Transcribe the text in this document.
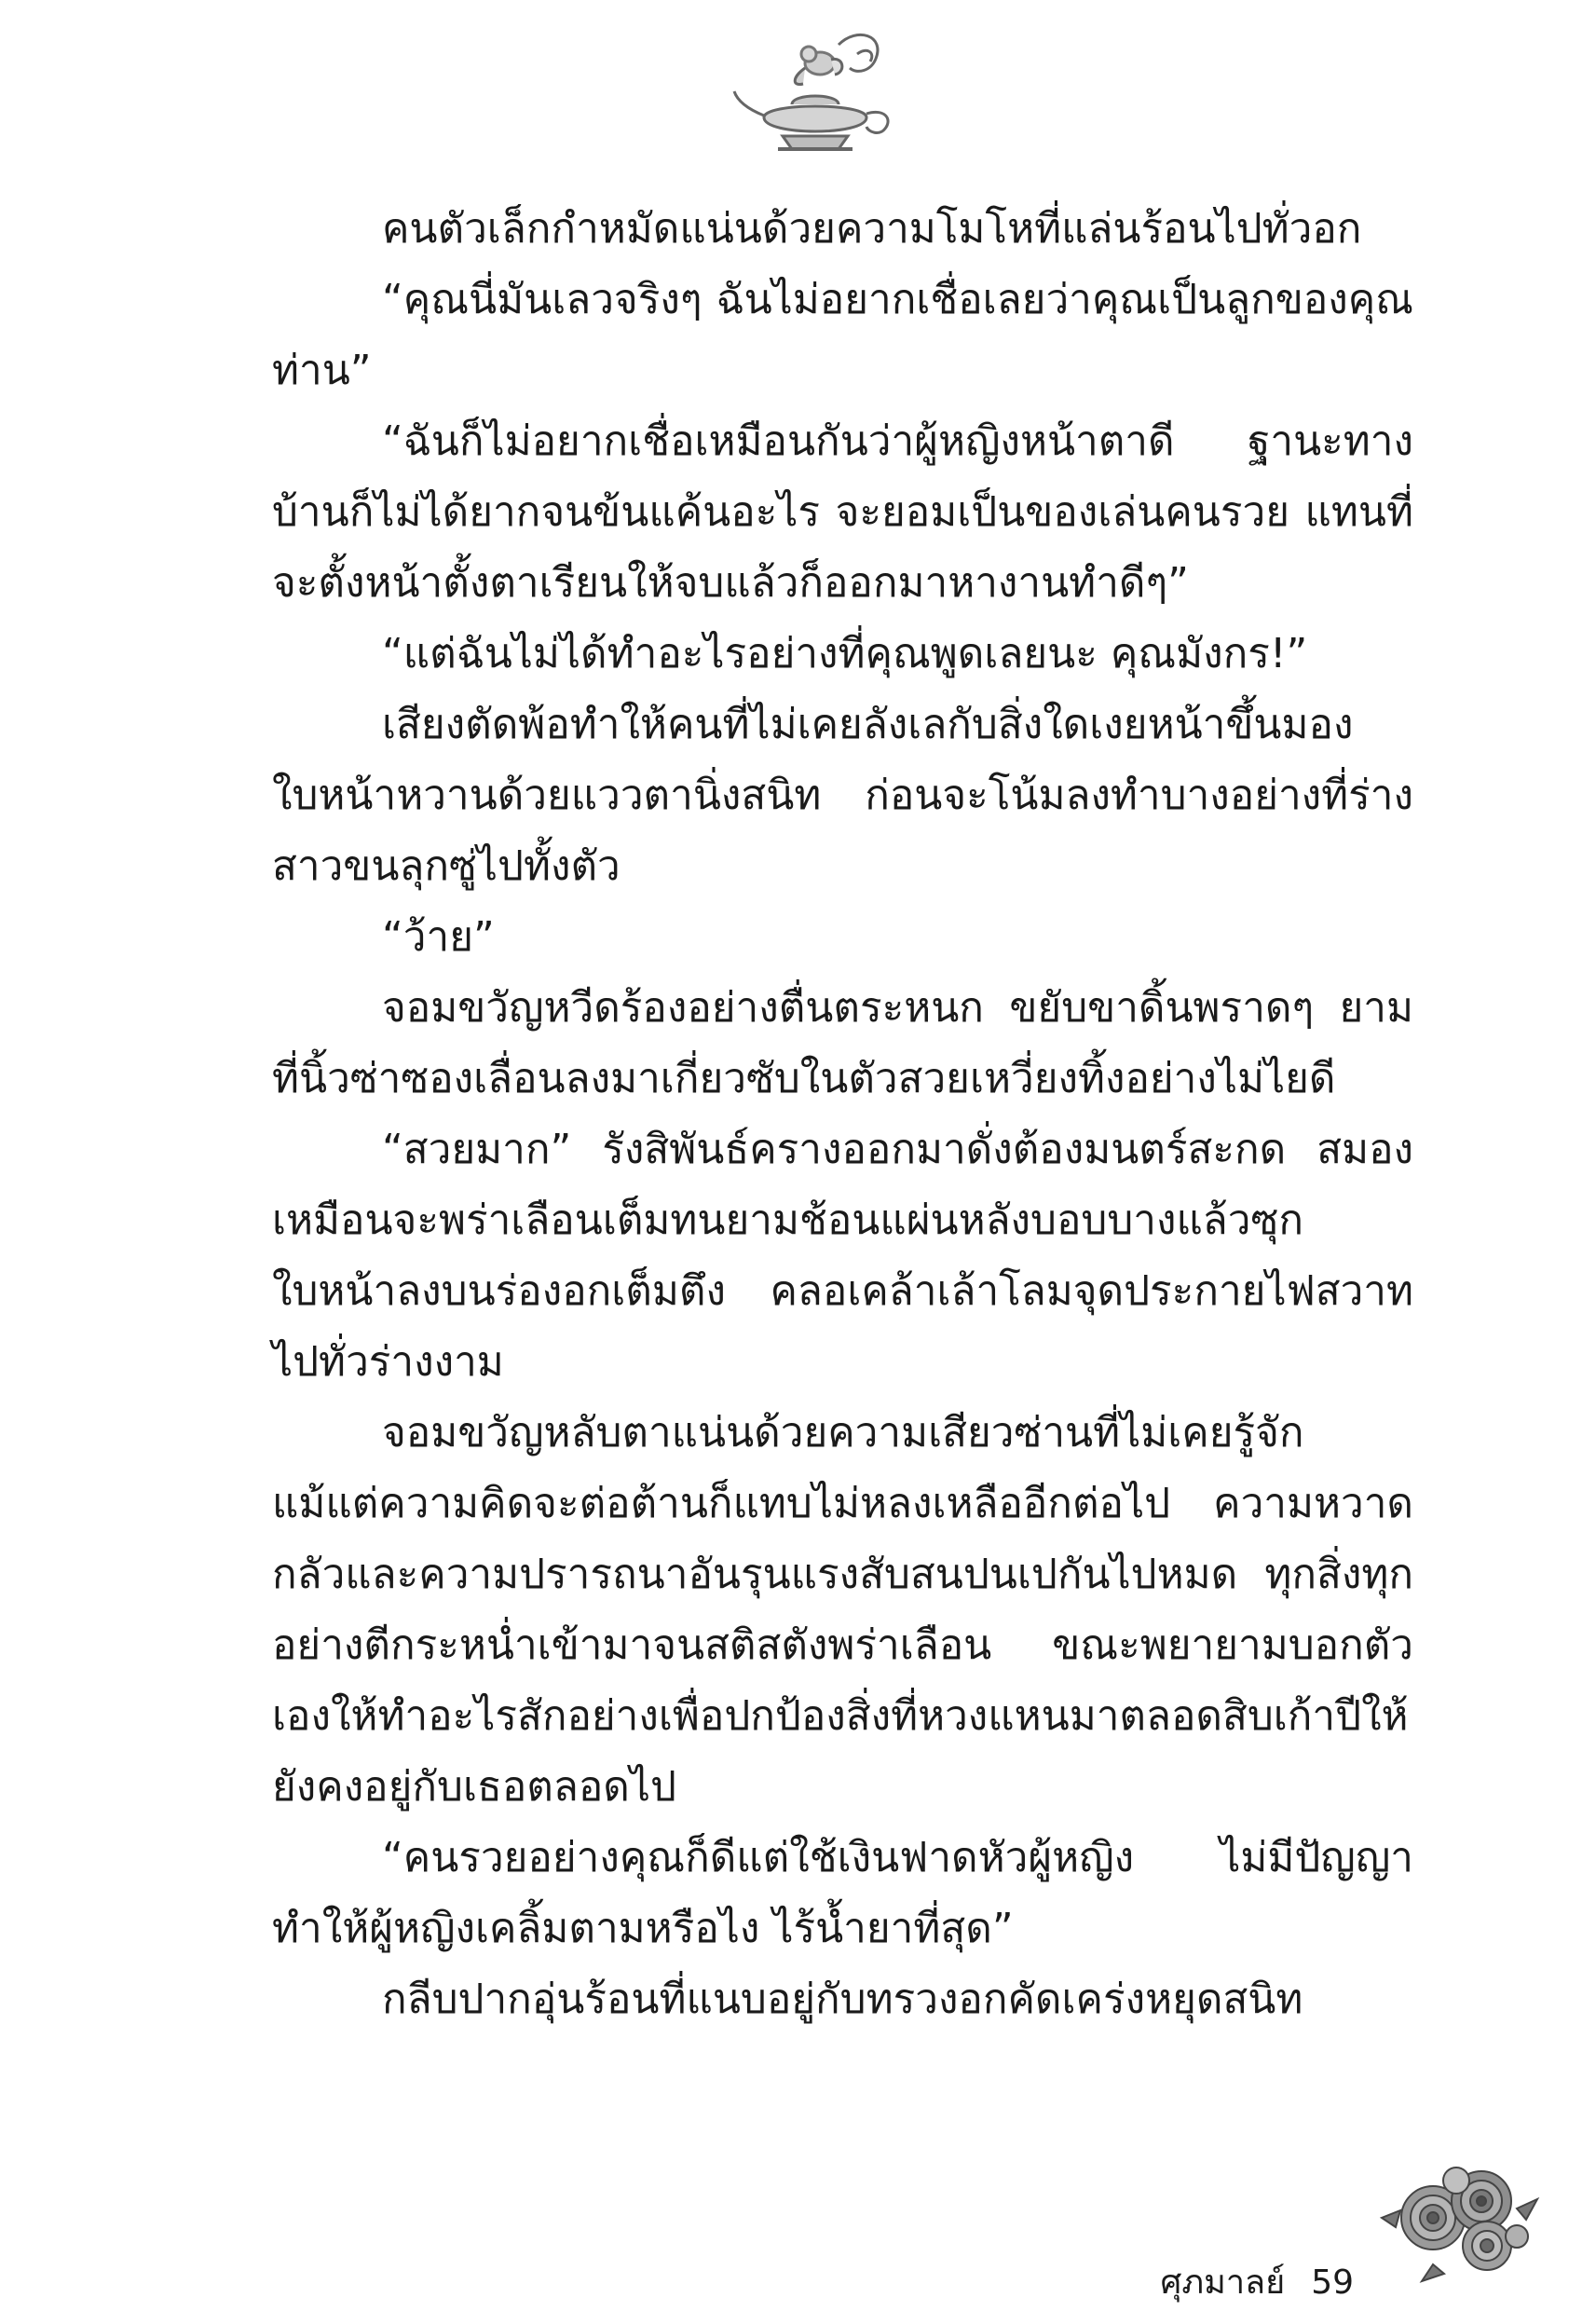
คนตัวเล็กกำหมัดแน่นด้วยความโมโหที่แล่นร้อนไปทั่วอก

“คุณนี่มันเลวจริงๆ ฉันไม่อยากเชื่อเลยว่าคุณเป็นลูกของคุณท่าน”

“ฉันก็ไม่อยากเชื่อเหมือนกันว่าผู้หญิงหน้าตาดี ฐานะทางบ้านก็ไม่ได้ยากจนข้นแค้นอะไร จะยอมเป็นของเล่นคนรวย แทนที่จะตั้งหน้าตั้งตาเรียนให้จบแล้วก็ออกมาหางานทำดีๆ”

“แต่ฉันไม่ได้ทำอะไรอย่างที่คุณพูดเลยนะ คุณมังกร!”

เสียงตัดพ้อทำให้คนที่ไม่เคยลังเลกับสิ่งใดเงยหน้าขึ้นมองใบหน้าหวานด้วยแววตานิ่งสนิท ก่อนจะโน้มลงทำบางอย่างที่ร่างสาวขนลุกซู่ไปทั้งตัว

“ว้าย”

จอมขวัญหวีดร้องอย่างตื่นตระหนก ขยับขาดิ้นพราดๆ ยามที่นิ้วซ่าซองเลื่อนลงมาเกี่ยวซับในตัวสวยเหวี่ยงทิ้งอย่างไม่ไยดี

“สวยมาก” รังสิพันธ์ครางออกมาดั่งต้องมนตร์สะกด สมองเหมือนจะพร่าเลือนเต็มทนยามช้อนแผ่นหลังบอบบางแล้วซุกใบหน้าลงบนร่องอกเต็มตึง คลอเคล้าเล้าโลมจุดประกายไฟสวาทไปทั่วร่างงาม

จอมขวัญหลับตาแน่นด้วยความเสียวซ่านที่ไม่เคยรู้จัก แม้แต่ความคิดจะต่อต้านก็แทบไม่หลงเหลืออีกต่อไป ความหวาดกลัวและความปรารถนาอันรุนแรงสับสนปนเปกันไปหมด ทุกสิ่งทุกอย่างตีกระหน่ำเข้ามาจนสติสตังพร่าเลือน ขณะพยายามบอกตัวเองให้ทำอะไรสักอย่างเพื่อปกป้องสิ่งที่หวงแหนมาตลอดสิบเก้าปีให้ยังคงอยู่กับเธอตลอดไป

“คนรวยอย่างคุณก็ดีแต่ใช้เงินฟาดหัวผู้หญิง ไม่มีปัญญาทำให้ผู้หญิงเคลิ้มตามหรือไง ไร้น้ำยาที่สุด”

กลีบปากอุ่นร้อนที่แนบอยู่กับทรวงอกคัดเคร่งหยุดสนิท

ศุภมาลย์ 59
